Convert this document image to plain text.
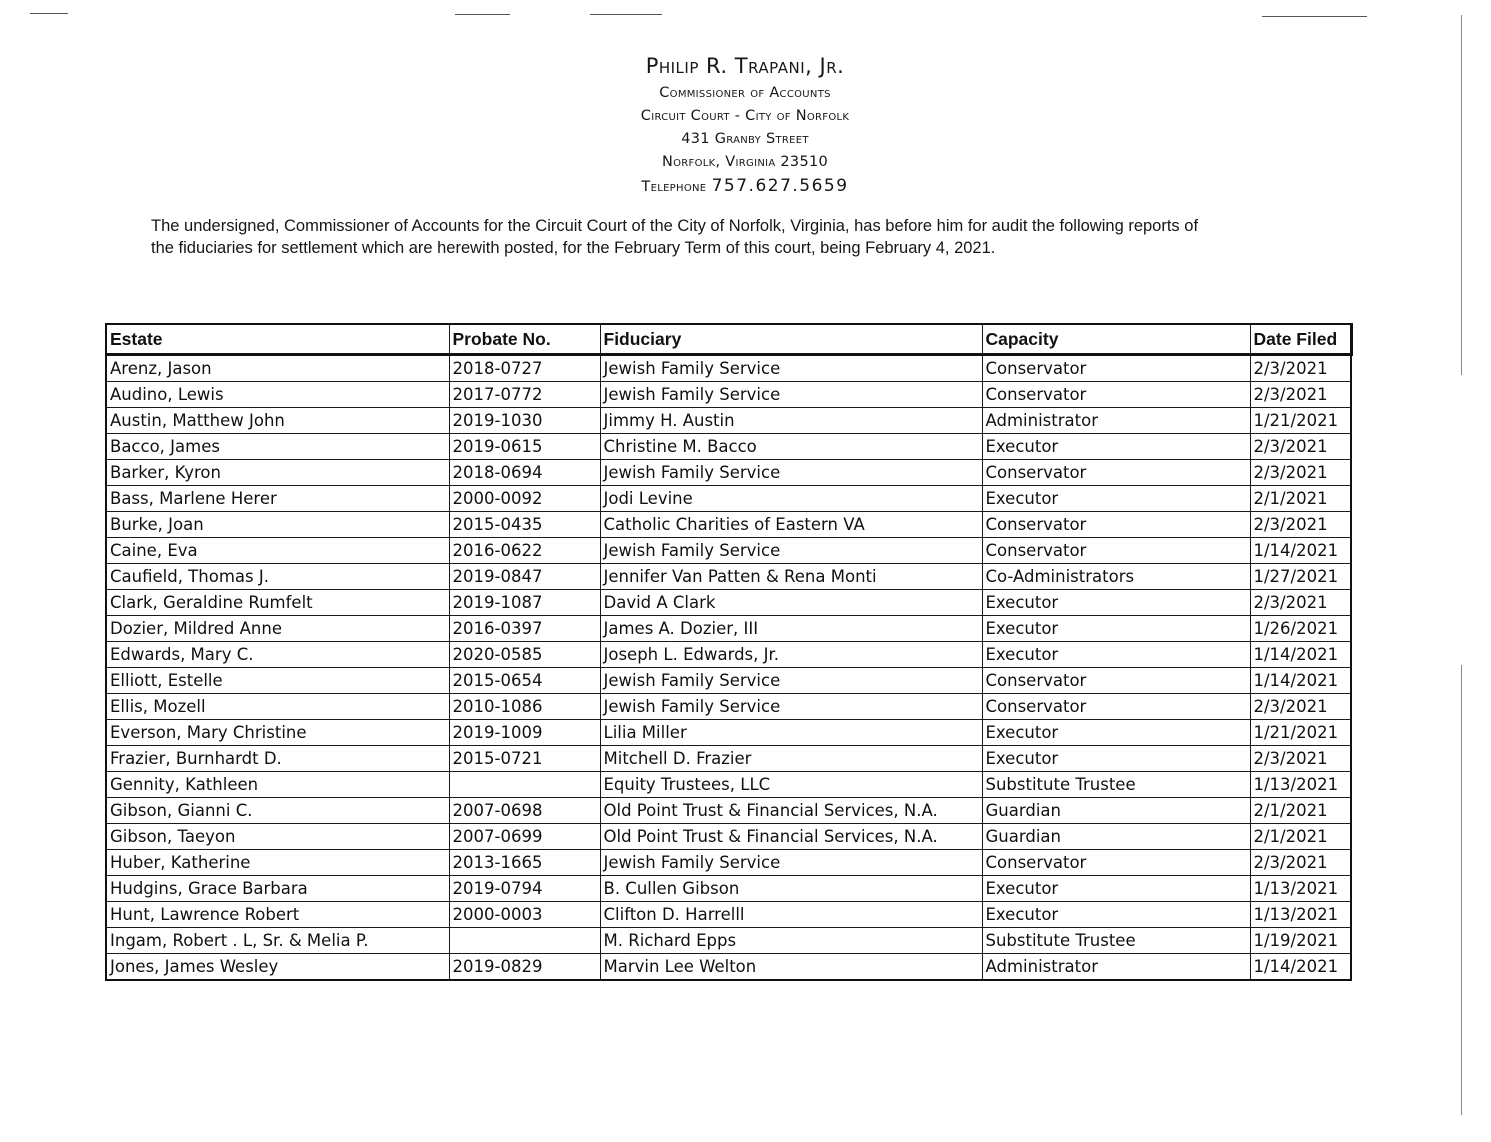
Philip R. Trapani, Jr.
Commissioner of Accounts
Circuit Court - City of Norfolk
431 Granby Street
Norfolk, Virginia 23510
Telephone 757.627.5659
The undersigned, Commissioner of Accounts for the Circuit Court of the City of Norfolk, Virginia, has before him for audit the following reports of
the fiduciaries for settlement which are herewith posted, for the February Term of this court, being February 4, 2021.
Estate	Probate No.	Fiduciary	Capacity	Date Filed
Arenz, Jason	2018-0727	Jewish Family Service	Conservator	2/3/2021
Audino, Lewis	2017-0772	Jewish Family Service	Conservator	2/3/2021
Austin, Matthew John	2019-1030	Jimmy H. Austin	Administrator	1/21/2021
Bacco, James	2019-0615	Christine M. Bacco	Executor	2/3/2021
Barker, Kyron	2018-0694	Jewish Family Service	Conservator	2/3/2021
Bass, Marlene Herer	2000-0092	Jodi Levine	Executor	2/1/2021
Burke, Joan	2015-0435	Catholic Charities of Eastern VA	Conservator	2/3/2021
Caine, Eva	2016-0622	Jewish Family Service	Conservator	1/14/2021
Caufield, Thomas J.	2019-0847	Jennifer Van Patten & Rena Monti	Co-Administrators	1/27/2021
Clark, Geraldine Rumfelt	2019-1087	David A Clark	Executor	2/3/2021
Dozier, Mildred Anne	2016-0397	James A. Dozier, III	Executor	1/26/2021
Edwards, Mary C.	2020-0585	Joseph L. Edwards, Jr.	Executor	1/14/2021
Elliott, Estelle	2015-0654	Jewish Family Service	Conservator	1/14/2021
Ellis, Mozell	2010-1086	Jewish Family Service	Conservator	2/3/2021
Everson, Mary Christine	2019-1009	Lilia Miller	Executor	1/21/2021
Frazier, Burnhardt D.	2015-0721	Mitchell D. Frazier	Executor	2/3/2021
Gennity, Kathleen		Equity Trustees, LLC	Substitute Trustee	1/13/2021
Gibson, Gianni C.	2007-0698	Old Point Trust & Financial Services, N.A.	Guardian	2/1/2021
Gibson, Taeyon	2007-0699	Old Point Trust & Financial Services, N.A.	Guardian	2/1/2021
Huber, Katherine	2013-1665	Jewish Family Service	Conservator	2/3/2021
Hudgins, Grace Barbara	2019-0794	B. Cullen Gibson	Executor	1/13/2021
Hunt, Lawrence Robert	2000-0003	Clifton D. Harrelll	Executor	1/13/2021
Ingam, Robert . L, Sr. & Melia P.		M. Richard Epps	Substitute Trustee	1/19/2021
Jones, James Wesley	2019-0829	Marvin Lee Welton	Administrator	1/14/2021
